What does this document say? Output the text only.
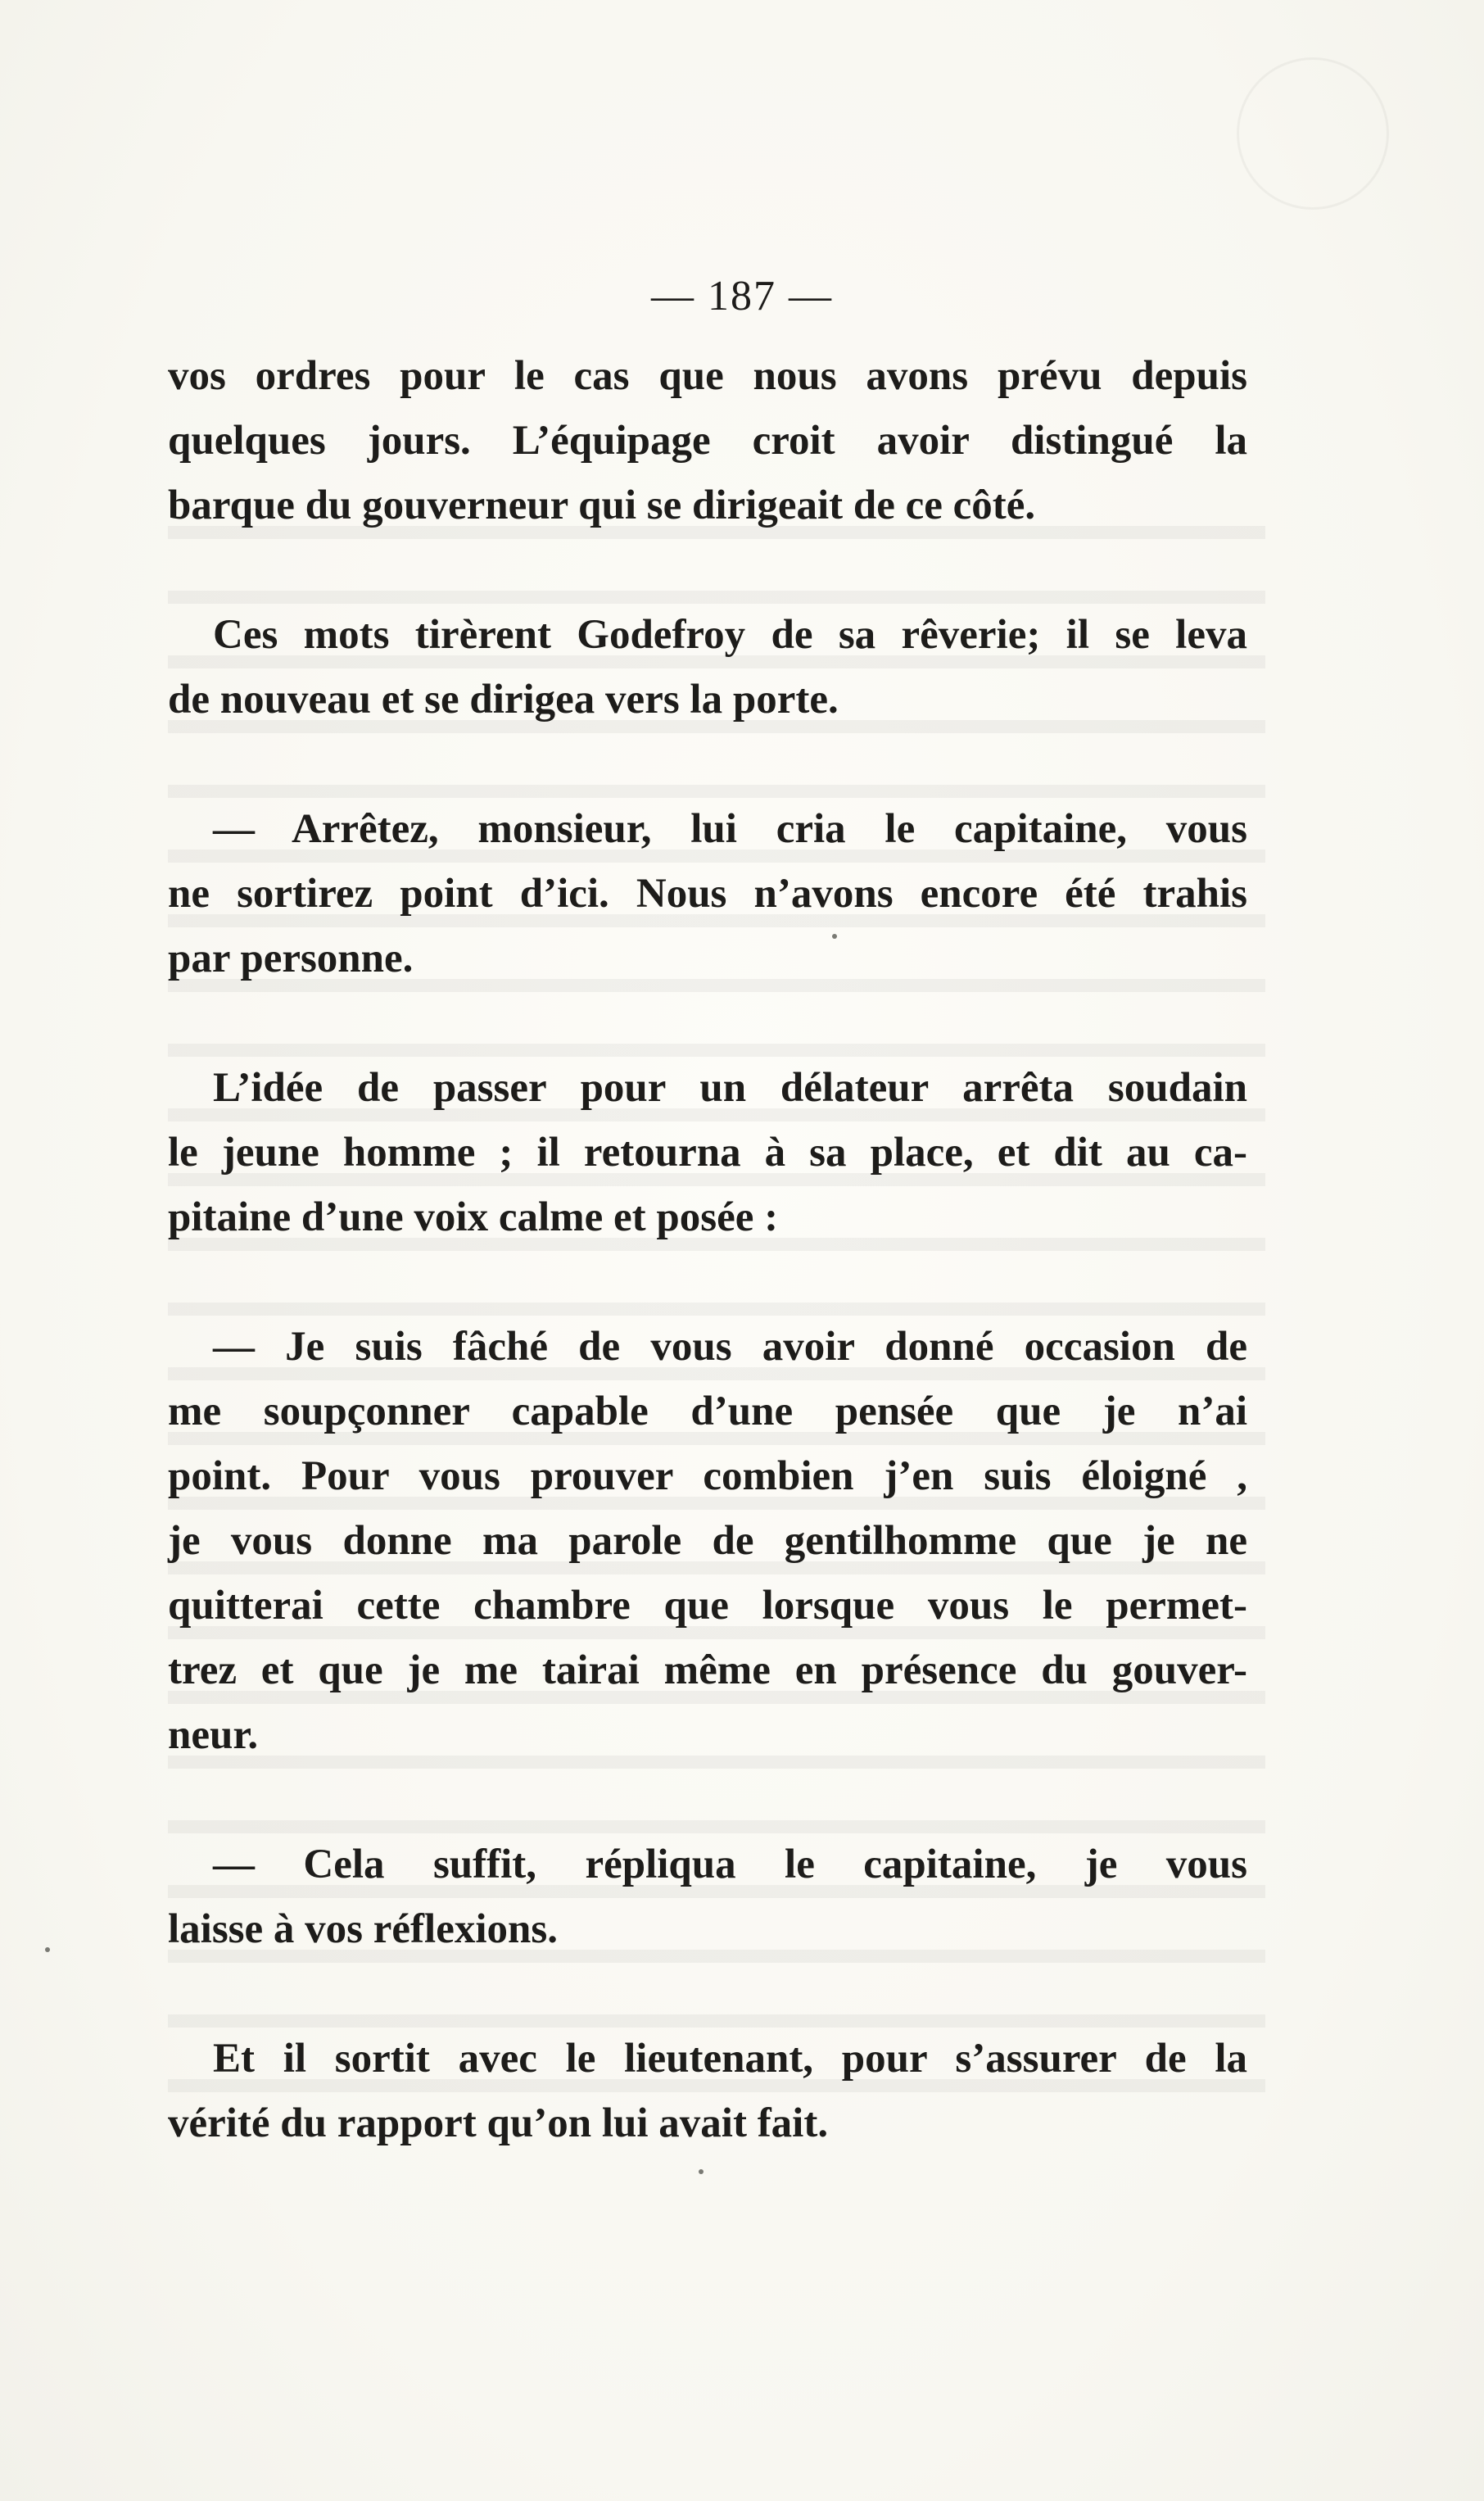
— 187 —
vos ordres pour le cas que nous avons prévu depuis
quelques jours. L’équipage croit avoir distingué la
barque du gouverneur qui se dirigeait de ce côté.
Ces mots tirèrent Godefroy de sa rêverie; il se leva
de nouveau et se dirigea vers la porte.
— Arrêtez, monsieur, lui cria le capitaine, vous
ne sortirez point d’ici. Nous n’avons encore été trahis
par personne.
L’idée de passer pour un délateur arrêta soudain
le jeune homme ; il retourna à sa place, et dit au ca-
pitaine d’une voix calme et posée :
— Je suis fâché de vous avoir donné occasion de
me soupçonner capable d’une pensée que je n’ai
point. Pour vous prouver combien j’en suis éloigné ,
je vous donne ma parole de gentilhomme que je ne
quitterai cette chambre que lorsque vous le permet-
trez et que je me tairai même en présence du gouver-
neur.
— Cela suffit, répliqua le capitaine, je vous
laisse à vos réflexions.
Et il sortit avec le lieutenant, pour s’assurer de la
vérité du rapport qu’on lui avait fait.
